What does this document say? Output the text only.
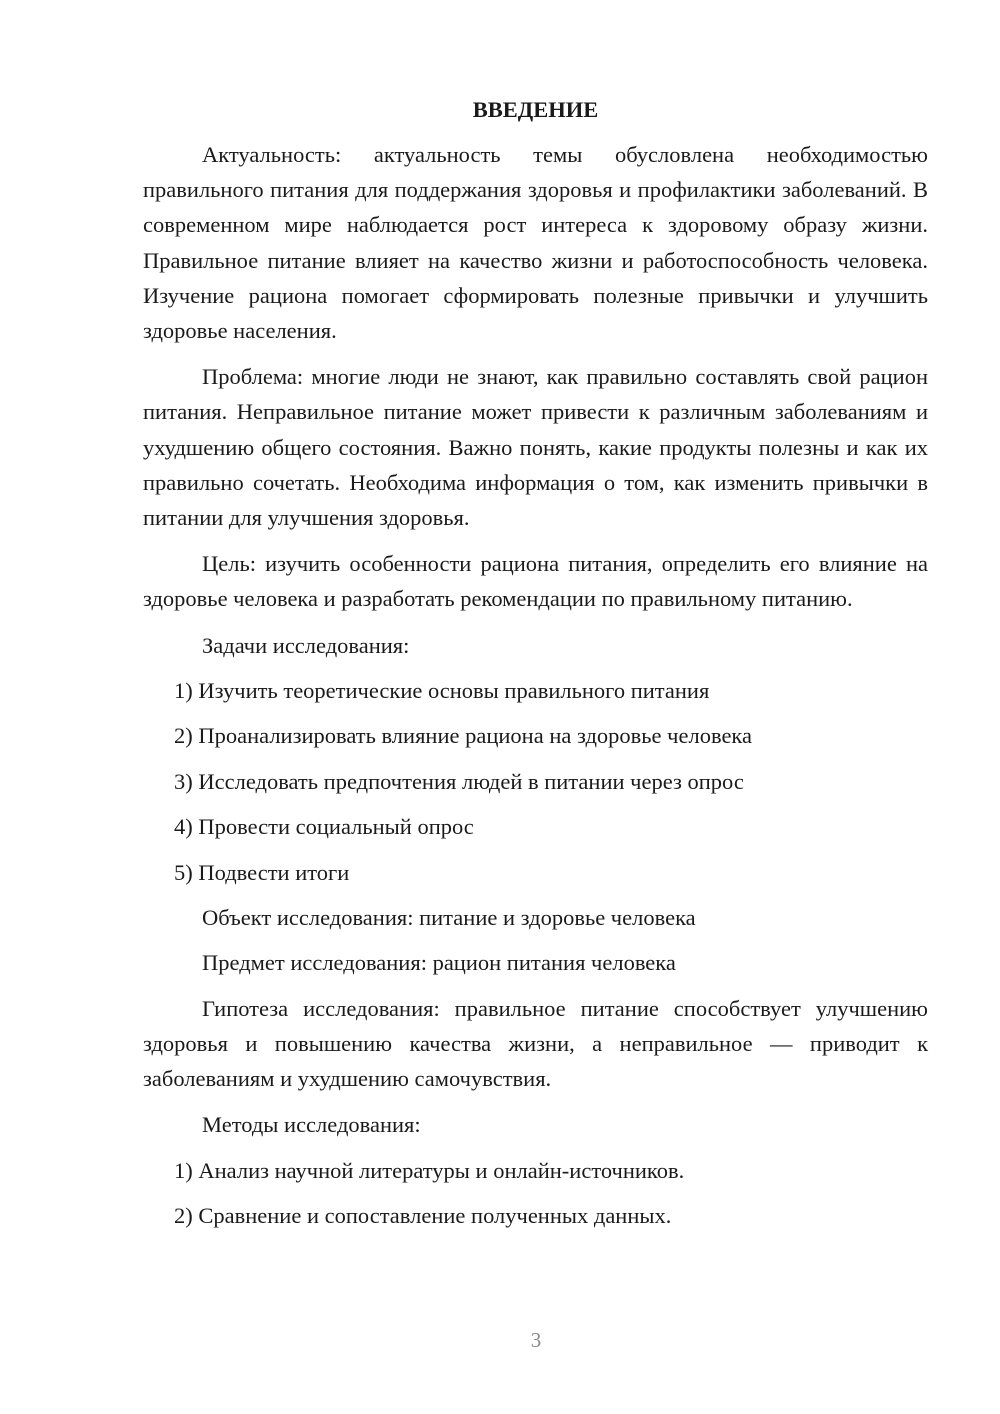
ВВЕДЕНИЕ
Актуальность: актуальность темы обусловлена необходимостью правильного питания для поддержания здоровья и профилактики заболеваний. В современном мире наблюдается рост интереса к здоровому образу жизни. Правильное питание влияет на качество жизни и работоспособность человека. Изучение рациона помогает сформировать полезные привычки и улучшить здоровье населения.
Проблема: многие люди не знают, как правильно составлять свой рацион питания. Неправильное питание может привести к различным заболеваниям и ухудшению общего состояния. Важно понять, какие продукты полезны и как их правильно сочетать. Необходима информация о том, как изменить привычки в питании для улучшения здоровья.
Цель: изучить особенности рациона питания, определить его влияние на здоровье человека и разработать рекомендации по правильному питанию.
Задачи исследования:
1) Изучить теоретические основы правильного питания
2) Проанализировать влияние рациона на здоровье человека
3) Исследовать предпочтения людей в питании через опрос
4) Провести социальный опрос
5) Подвести итоги
Объект исследования: питание и здоровье человека
Предмет исследования: рацион питания человека
Гипотеза исследования: правильное питание способствует улучшению здоровья и повышению качества жизни, а неправильное — приводит к заболеваниям и ухудшению самочувствия.
Методы исследования:
1) Анализ научной литературы и онлайн-источников.
2) Сравнение и сопоставление полученных данных.
3
